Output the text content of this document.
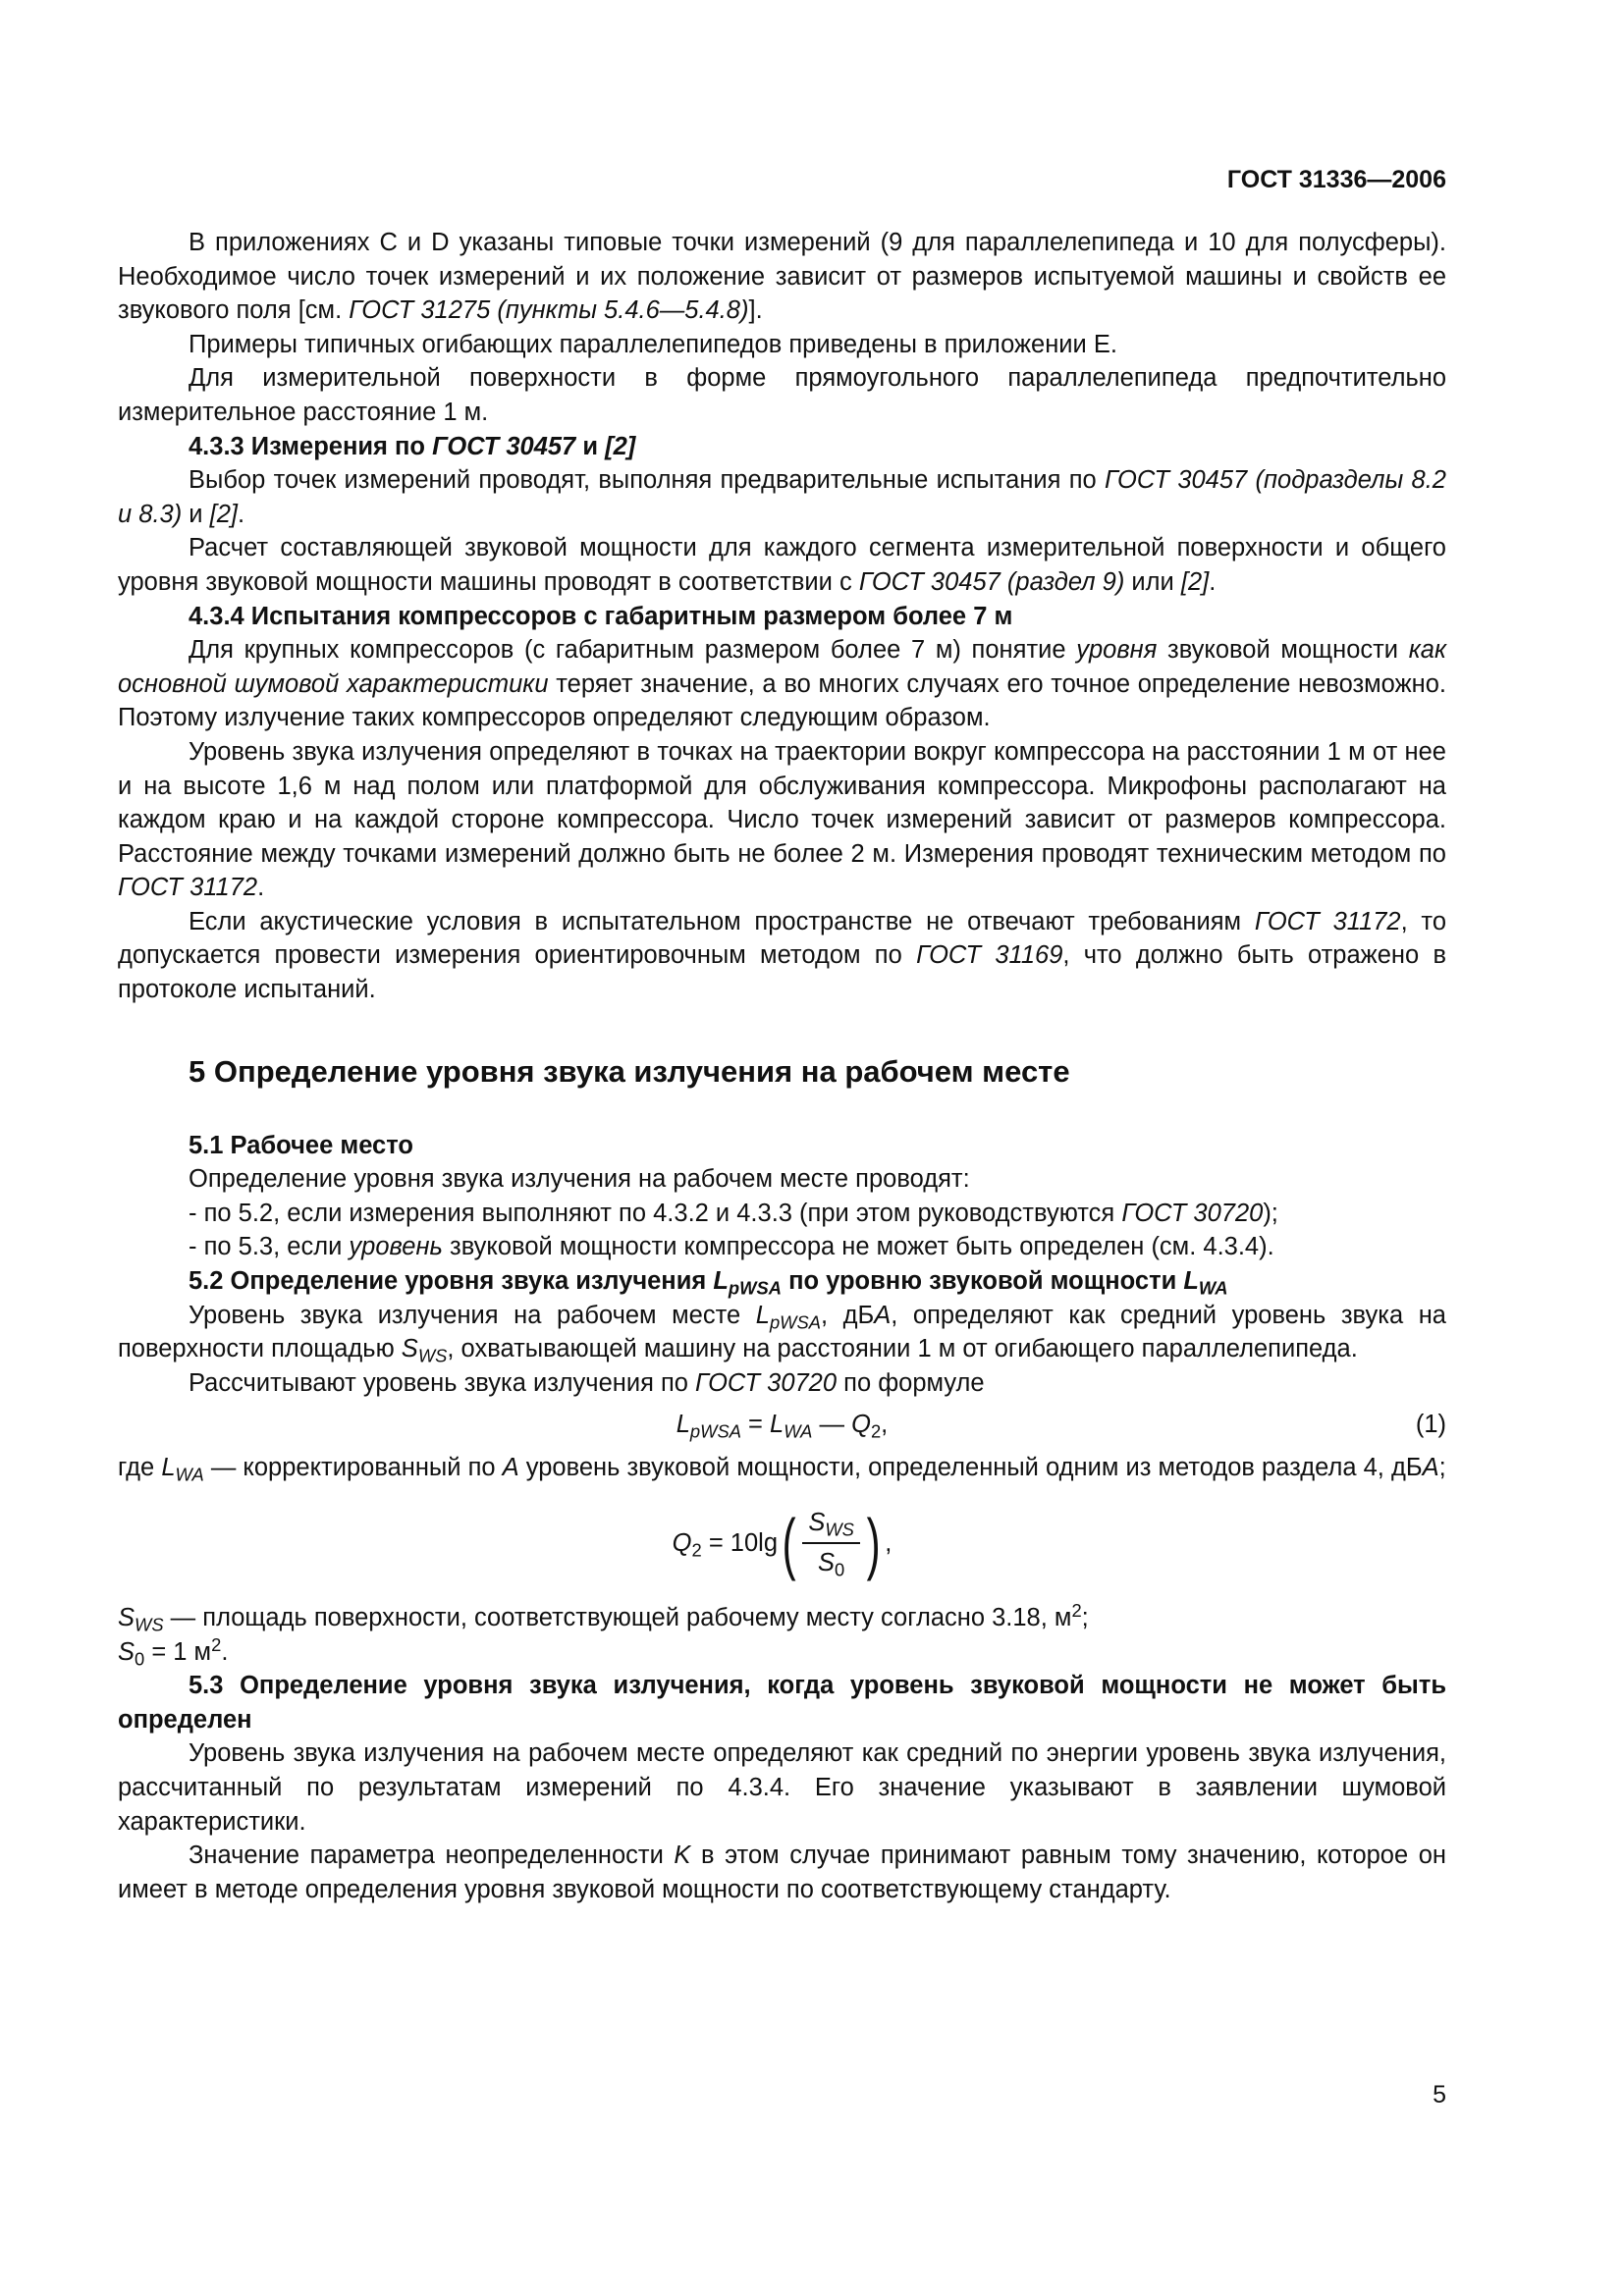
ГОСТ 31336—2006

В приложениях С и D указаны типовые точки измерений (9 для параллелепипеда и 10 для полусферы). Необходимое число точек измерений и их положение зависит от размеров испытуемой машины и свойств ее звукового поля [см. ГОСТ 31275 (пункты 5.4.6—5.4.8)].

Примеры типичных огибающих параллелепипедов приведены в приложении Е.

Для измерительной поверхности в форме прямоугольного параллелепипеда предпочтительно измерительное расстояние 1 м.

4.3.3 Измерения по ГОСТ 30457 и [2]

Выбор точек измерений проводят, выполняя предварительные испытания по ГОСТ 30457 (подразделы 8.2 и 8.3) и [2].

Расчет составляющей звуковой мощности для каждого сегмента измерительной поверхности и общего уровня звуковой мощности машины проводят в соответствии с ГОСТ 30457 (раздел 9) или [2].

4.3.4 Испытания компрессоров с габаритным размером более 7 м

Для крупных компрессоров (с габаритным размером более 7 м) понятие уровня звуковой мощности как основной шумовой характеристики теряет значение, а во многих случаях его точное определение невозможно. Поэтому излучение таких компрессоров определяют следующим образом.

Уровень звука излучения определяют в точках на траектории вокруг компрессора на расстоянии 1 м от нее и на высоте 1,6 м над полом или платформой для обслуживания компрессора. Микрофоны располагают на каждом краю и на каждой стороне компрессора. Число точек измерений зависит от размеров компрессора. Расстояние между точками измерений должно быть не более 2 м. Измерения проводят техническим методом по ГОСТ 31172.

Если акустические условия в испытательном пространстве не отвечают требованиям ГОСТ 31172, то допускается провести измерения ориентировочным методом по ГОСТ 31169, что должно быть отражено в протоколе испытаний.

5 Определение уровня звука излучения на рабочем месте

5.1 Рабочее место

Определение уровня звука излучения на рабочем месте проводят:

- по 5.2, если измерения выполняют по 4.3.2 и 4.3.3 (при этом руководствуются ГОСТ 30720);

- по 5.3, если уровень звуковой мощности компрессора не может быть определен (см. 4.3.4).

5.2 Определение уровня звука излучения $L_{pWSA}$ по уровню звуковой мощности $L_{WA}$

Уровень звука излучения на рабочем месте $L_{pWSA}$, дБА, определяют как средний уровень звука на поверхности площадью $S_{WS}$, охватывающей машину на расстоянии 1 м от огибающего параллелепипеда.

Рассчитывают уровень звука излучения по ГОСТ 30720 по формуле

$L_{pWSA} = L_{WA}$ — $Q_2$,	(1)

где $L_{WA}$ — корректированный по А уровень звуковой мощности, определенный одним из методов раздела 4, дБА;

$Q_2 = 10\lg$ ( $\frac{S_{WS}}{S_0}$ ) ,

$S_{WS}$ — площадь поверхности, соответствующей рабочему месту согласно 3.18, $м^2$;

$S_0 = 1$ $м^2$.

5.3 Определение уровня звука излучения, когда уровень звуковой мощности не может быть определен

Уровень звука излучения на рабочем месте определяют как средний по энергии уровень звука излучения, рассчитанный по результатам измерений по 4.3.4. Его значение указывают в заявлении шумовой характеристики.

Значение параметра неопределенности K в этом случае принимают равным тому значению, которое он имеет в методе определения уровня звуковой мощности по соответствующему стандарту.

5
